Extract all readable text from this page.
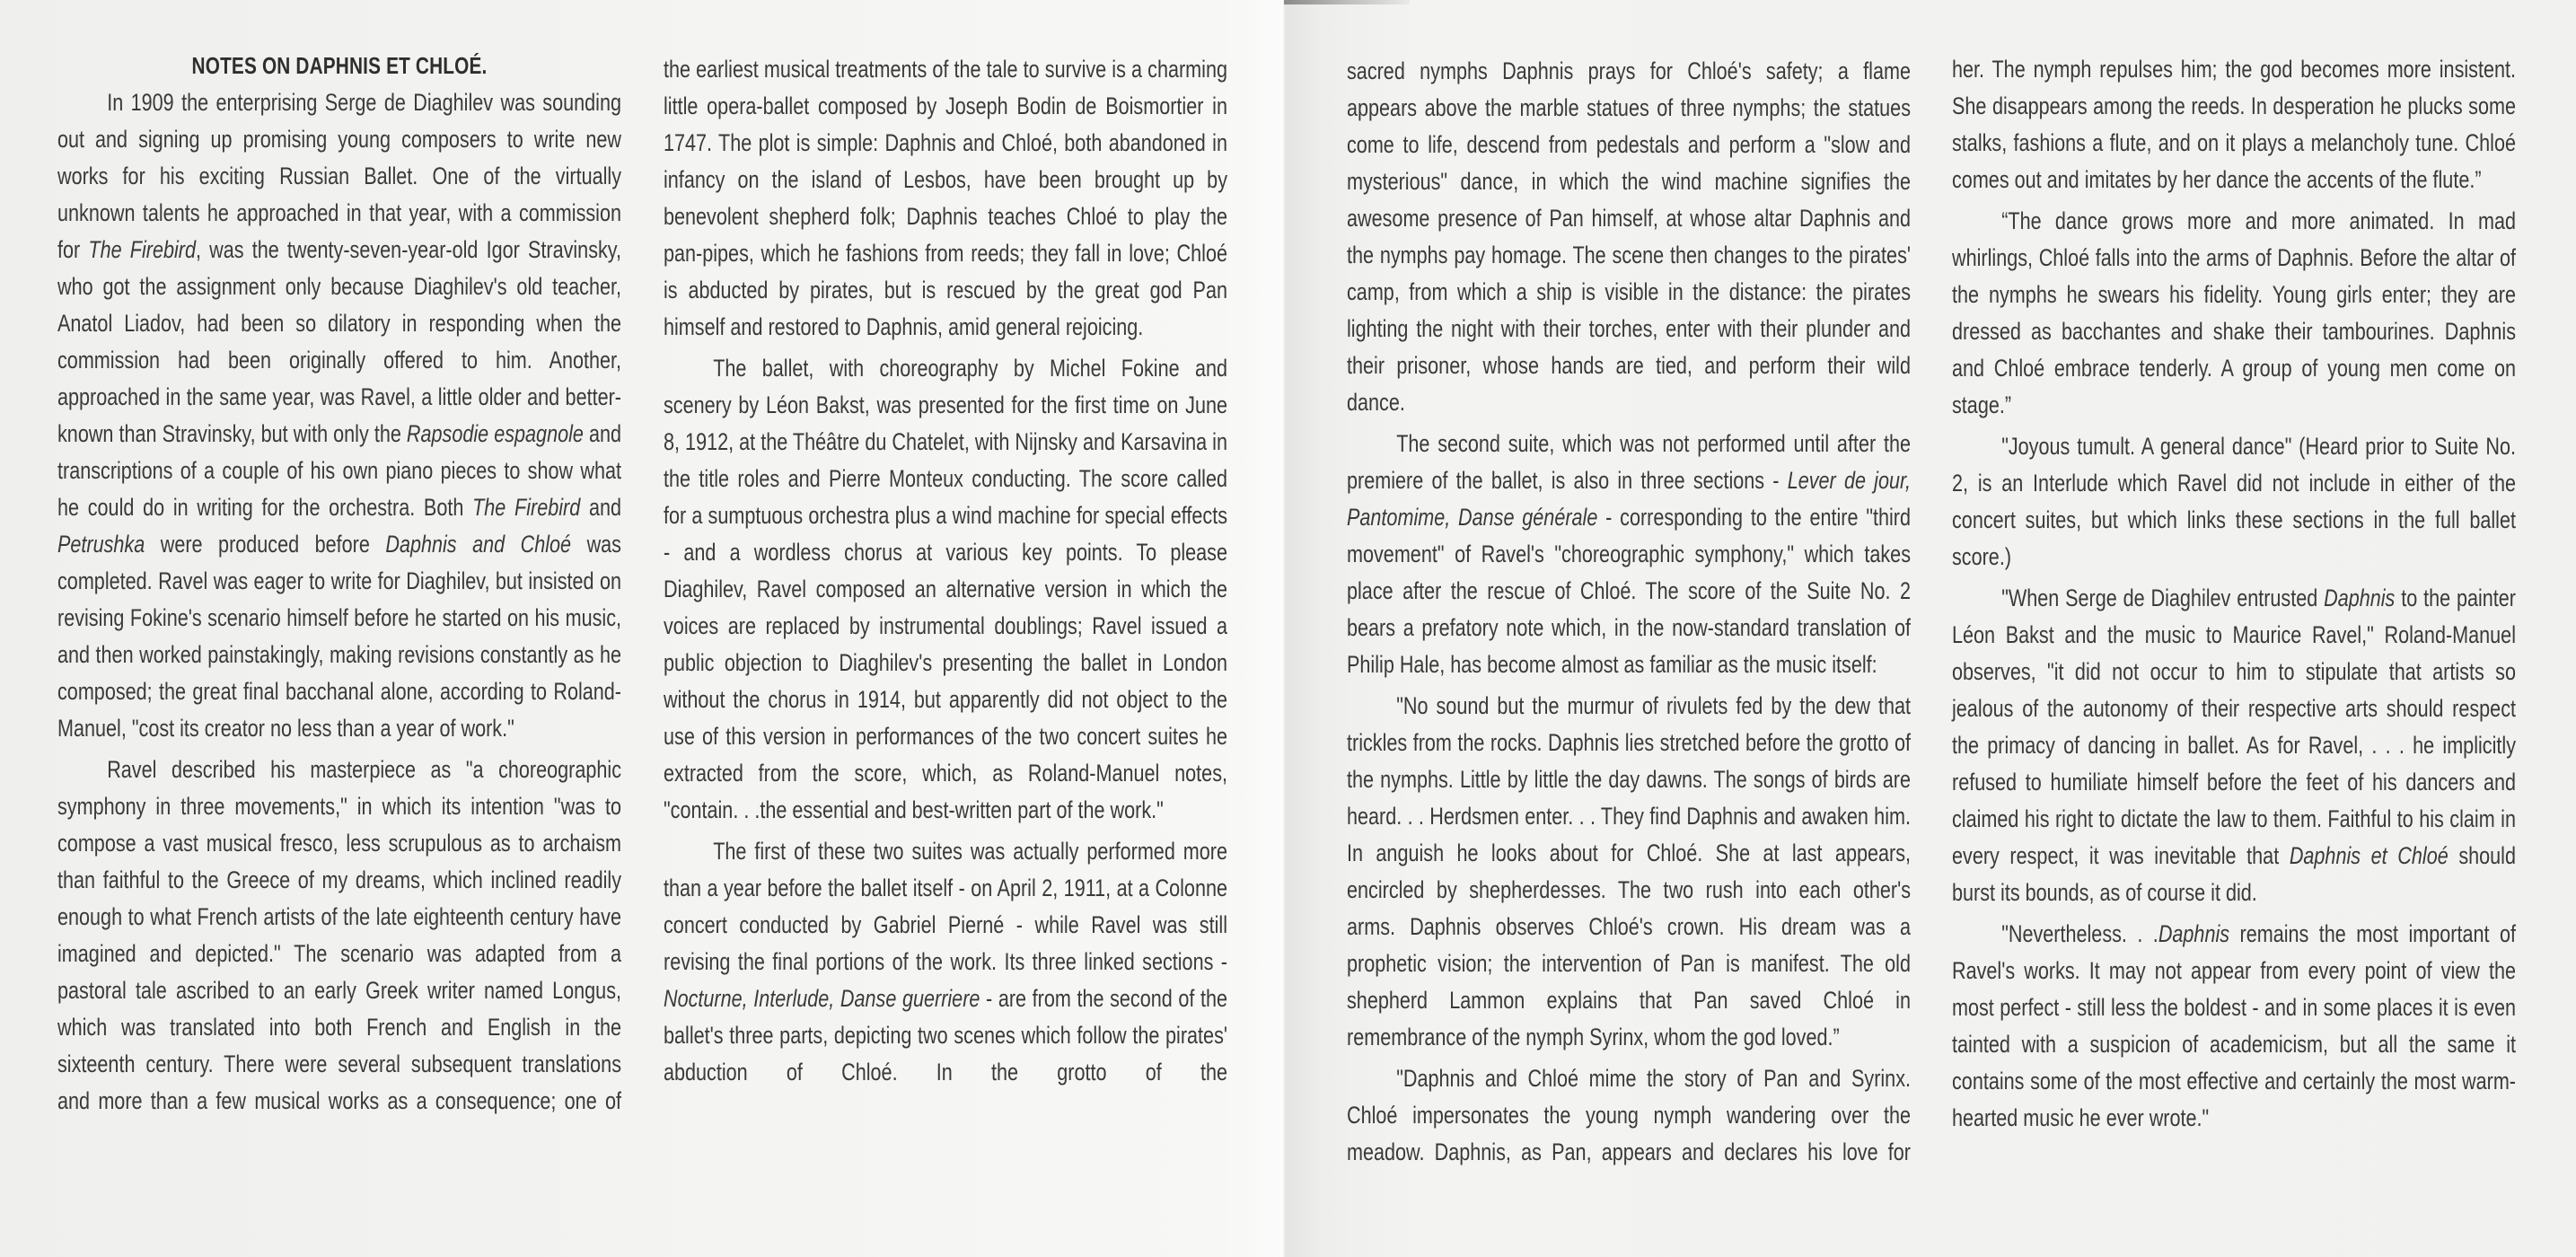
NOTES ON DAPHNIS ET CHLOÉ.

In 1909 the enterprising Serge de Diaghilev was sounding out and signing up promising young composers to write new works for his exciting Russian Ballet. One of the virtually unknown talents he approached in that year, with a commission for The Firebird, was the twenty-seven-year-old Igor Stravinsky, who got the assignment only because Diaghilev's old teacher, Anatol Liadov, had been so dilatory in responding when the commission had been originally offered to him. Another, approached in the same year, was Ravel, a little older and better-known than Stravinsky, but with only the Rapsodie espagnole and transcriptions of a couple of his own piano pieces to show what he could do in writing for the orchestra. Both The Firebird and Petrushka were produced before Daphnis and Chloé was completed. Ravel was eager to write for Diaghilev, but insisted on revising Fokine's scenario himself before he started on his music, and then worked painstakingly, making revisions constantly as he composed; the great final bacchanal alone, according to Roland-Manuel, "cost its creator no less than a year of work."

Ravel described his masterpiece as "a choreographic symphony in three movements," in which its intention "was to compose a vast musical fresco, less scrupulous as to archaism than faithful to the Greece of my dreams, which inclined readily enough to what French artists of the late eighteenth century have imagined and depicted." The scenario was adapted from a pastoral tale ascribed to an early Greek writer named Longus, which was translated into both French and English in the sixteenth century. There were several subsequent translations and more than a few musical works as a consequence; one of

the earliest musical treatments of the tale to survive is a charming little opera-ballet composed by Joseph Bodin de Boismortier in 1747. The plot is simple: Daphnis and Chloé, both abandoned in infancy on the island of Lesbos, have been brought up by benevolent shepherd folk; Daphnis teaches Chloé to play the pan-pipes, which he fashions from reeds; they fall in love; Chloé is abducted by pirates, but is rescued by the great god Pan himself and restored to Daphnis, amid general rejoicing.

The ballet, with choreography by Michel Fokine and scenery by Léon Bakst, was presented for the first time on June 8, 1912, at the Théâtre du Chatelet, with Nijnsky and Karsavina in the title roles and Pierre Monteux conducting. The score called for a sumptuous orchestra plus a wind machine for special effects - and a wordless chorus at various key points. To please Diaghilev, Ravel composed an alternative version in which the voices are replaced by instrumental doublings; Ravel issued a public objection to Diaghilev's presenting the ballet in London without the chorus in 1914, but apparently did not object to the use of this version in performances of the two concert suites he extracted from the score, which, as Roland-Manuel notes, "contain. . .the essential and best-written part of the work."

The first of these two suites was actually performed more than a year before the ballet itself - on April 2, 1911, at a Colonne concert conducted by Gabriel Pierné - while Ravel was still revising the final portions of the work. Its three linked sections - Nocturne, Interlude, Danse guerriere - are from the second of the ballet's three parts, depicting two scenes which follow the pirates' abduction of Chloé. In the grotto of the

sacred nymphs Daphnis prays for Chloé's safety; a flame appears above the marble statues of three nymphs; the statues come to life, descend from pedestals and perform a "slow and mysterious" dance, in which the wind machine signifies the awesome presence of Pan himself, at whose altar Daphnis and the nymphs pay homage. The scene then changes to the pirates' camp, from which a ship is visible in the distance: the pirates lighting the night with their torches, enter with their plunder and their prisoner, whose hands are tied, and perform their wild dance.

The second suite, which was not performed until after the premiere of the ballet, is also in three sections - Lever de jour, Pantomime, Danse générale - corresponding to the entire "third movement" of Ravel's "choreographic symphony," which takes place after the rescue of Chloé. The score of the Suite No. 2 bears a prefatory note which, in the now-standard translation of Philip Hale, has become almost as familiar as the music itself:

"No sound but the murmur of rivulets fed by the dew that trickles from the rocks. Daphnis lies stretched before the grotto of the nymphs. Little by little the day dawns. The songs of birds are heard. . . Herdsmen enter. . . They find Daphnis and awaken him. In anguish he looks about for Chloé. She at last appears, encircled by shepherdesses. The two rush into each other's arms. Daphnis observes Chloé's crown. His dream was a prophetic vision; the intervention of Pan is manifest. The old shepherd Lammon explains that Pan saved Chloé in remembrance of the nymph Syrinx, whom the god loved.”

"Daphnis and Chloé mime the story of Pan and Syrinx. Chloé impersonates the young nymph wandering over the meadow. Daphnis, as Pan, appears and declares his love for

her. The nymph repulses him; the god becomes more insistent. She disappears among the reeds. In desperation he plucks some stalks, fashions a flute, and on it plays a melancholy tune. Chloé comes out and imitates by her dance the accents of the flute.”

“The dance grows more and more animated. In mad whirlings, Chloé falls into the arms of Daphnis. Before the altar of the nymphs he swears his fidelity. Young girls enter; they are dressed as bacchantes and shake their tambourines. Daphnis and Chloé embrace tenderly. A group of young men come on stage.”

"Joyous tumult. A general dance" (Heard prior to Suite No. 2, is an Interlude which Ravel did not include in either of the concert suites, but which links these sections in the full ballet score.)

"When Serge de Diaghilev entrusted Daphnis to the painter Léon Bakst and the music to Maurice Ravel," Roland-Manuel observes, "it did not occur to him to stipulate that artists so jealous of the autonomy of their respective arts should respect the primacy of dancing in ballet. As for Ravel, . . . he implicitly refused to humiliate himself before the feet of his dancers and claimed his right to dictate the law to them. Faithful to his claim in every respect, it was inevitable that Daphnis et Chloé should burst its bounds, as of course it did.

"Nevertheless. . .Daphnis remains the most important of Ravel's works. It may not appear from every point of view the most perfect - still less the boldest - and in some places it is even tainted with a suspicion of academicism, but all the same it contains some of the most effective and certainly the most warm-hearted music he ever wrote."
